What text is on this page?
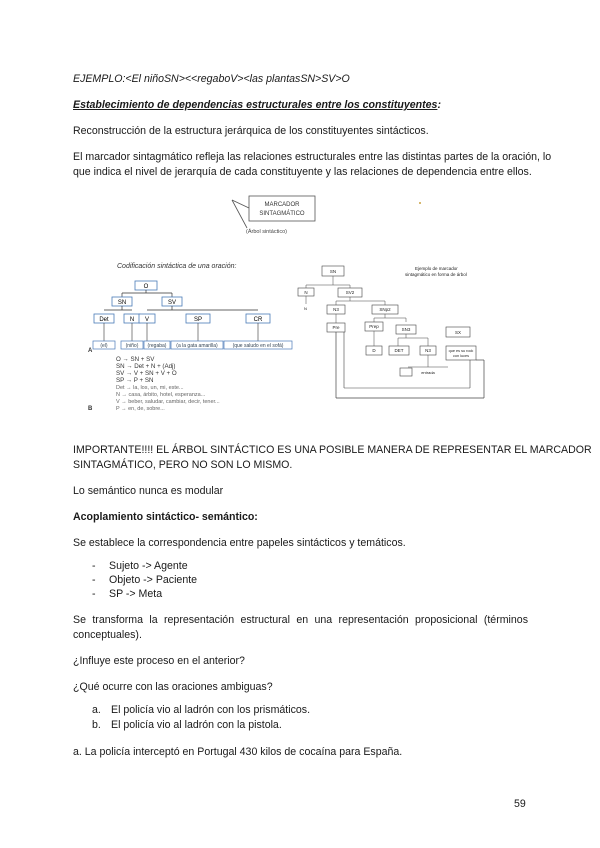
EJEMPLO:<El niñoSN><<regaboV><las plantasSN>SV>O
Establecimiento de dependencias estructurales entre los constituyentes:
Reconstrucción de la estructura jerárquica de los constituyentes sintácticos.
El marcador sintagmático refleja las relaciones estructurales entre las distintas partes de la oración, lo
que indica el nivel de jerarquía de cada constituyente y las relaciones de dependencia entre ellos.
MARCADOR
SINTAGMÁTICO
(Árbol sintáctico)
Codificación sintáctica de una oración:
O
SN	SV
Det	N V	SP	CR
(el)	(niño) (regaba) (a la gata amarilla)	(que saludo en el sofá)
A
B
O → SN + SV
SN → Det + N + (Adj)
SV → V + SN + V + O
SP → P + SN
Det → la, los, un, mi, este...
N → casa, árbito, hotel, esperanza...
V → beber, saludar, cambiar, decir, tener...
P → en, de, sobre...
Ejemplo de marcador
sintagmático en forma de árbol
SN
N
N
SV2
N3	SNp2
Pre	Prep
SN3
SX
D	DET	N3	que es su rock
con luces
entrada
IMPORTANTE!!!! EL ÁRBOL SINTÁCTICO ES UNA POSIBLE MANERA DE REPRESENTAR EL MARCADOR
SINTAGMÁTICO, PERO NO SON LO MISMO.
Lo semántico nunca es modular
Acoplamiento sintáctico- semántico:
Se establece la correspondencia entre papeles sintácticos y temáticos.
- Sujeto -> Agente
- Objeto -> Paciente
- SP -> Meta
Se transforma la representación estructural en una representación proposicional (términos conceptuales).
¿Influye este proceso en el anterior?
¿Qué ocurre con las oraciones ambiguas?
a. El policía vio al ladrón con los prismáticos.
b. El policía vio al ladrón con la pistola.
a. La policía interceptó en Portugal 430 kilos de cocaína para España.
59
